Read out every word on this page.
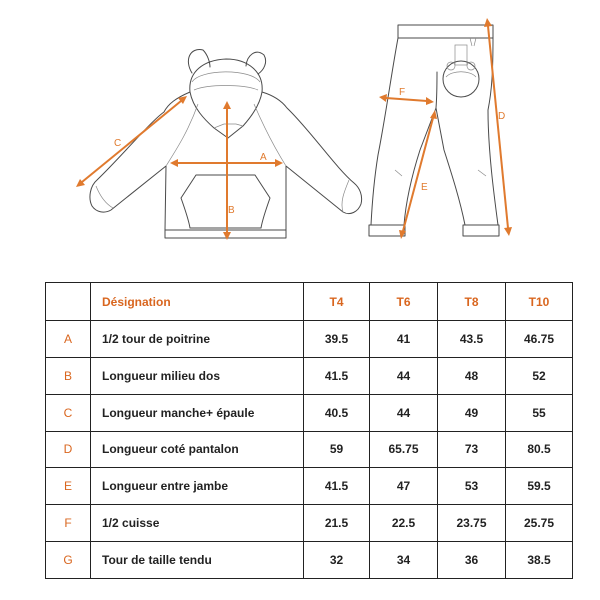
A
B
C
D
E
F
	Désignation	T4	T6	T8	T10
A	1/2 tour de poitrine	39.5	41	43.5	46.75
B	Longueur milieu dos	41.5	44	48	52
C	Longueur manche+ épaule	40.5	44	49	55
D	Longueur coté pantalon	59	65.75	73	80.5
E	Longueur entre jambe	41.5	47	53	59.5
F	1/2 cuisse	21.5	22.5	23.75	25.75
G	Tour de taille tendu	32	34	36	38.5
